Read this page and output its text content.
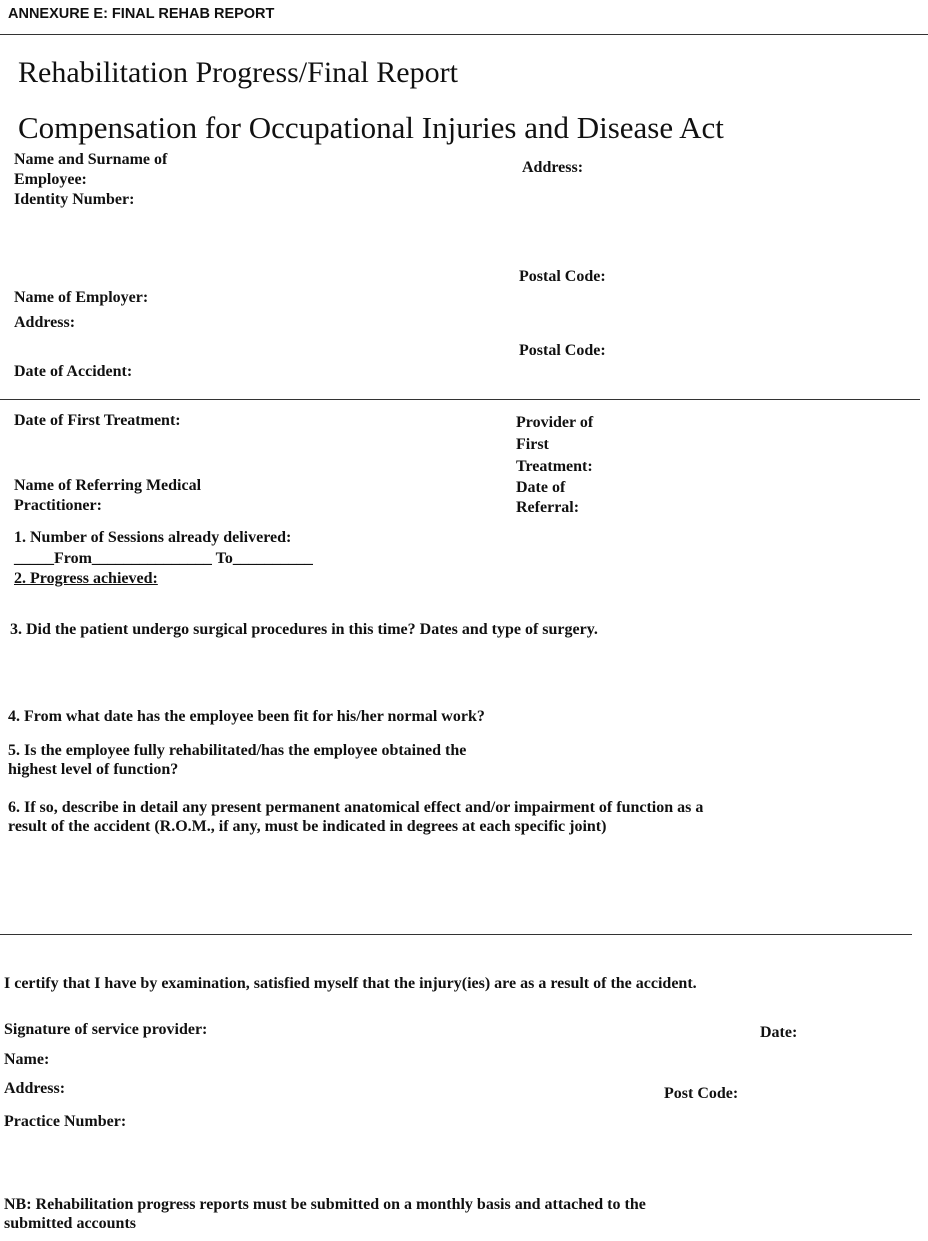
ANNEXURE E: FINAL REHAB REPORT
Rehabilitation Progress/Final Report
Compensation for Occupational Injuries and Disease Act
Name and Surname of
Employee:
Identity Number:
Address:
Postal Code:
Name of Employer:
Address:
Postal Code:
Date of Accident:
Date of First Treatment:	Provider of
First
Treatment:
Date of
Referral:
Name of Referring Medical
Practitioner:
1. Number of Sessions already delivered:
_____From_______________ To__________
2. Progress achieved:
3. Did the patient undergo surgical procedures in this time? Dates and type of surgery.
4. From what date has the employee been fit for his/her normal work?
5. Is the employee fully rehabilitated/has the employee obtained the
highest level of function?
6. If so, describe in detail any present permanent anatomical effect and/or impairment of function as a
result of the accident (R.O.M., if any, must be indicated in degrees at each specific joint)
I certify that I have by examination, satisfied myself that the injury(ies) are as a result of the accident.
Signature of service provider:	Date:
Name:
Address:	Post Code:
Practice Number:
NB: Rehabilitation progress reports must be submitted on a monthly basis and attached to the
submitted accounts
